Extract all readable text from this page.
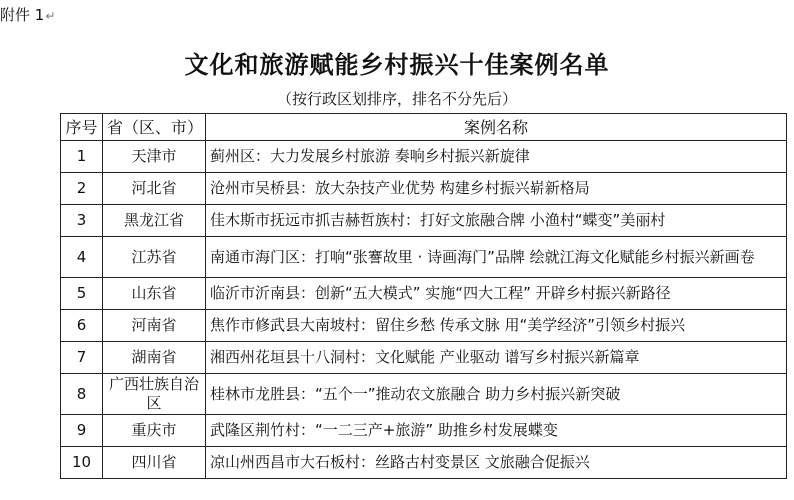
附件 1↵
文化和旅游赋能乡村振兴十佳案例名单
（按行政区划排序，排名不分先后）
序号	省（区、市）	案例名称
1	天津市	蓟州区：大力发展乡村旅游 奏响乡村振兴新旋律
2	河北省	沧州市吴桥县：放大杂技产业优势 构建乡村振兴崭新格局
3	黑龙江省	佳木斯市抚远市抓吉赫哲族村：打好文旅融合牌 小渔村“蝶变”美丽村
4	江苏省	南通市海门区：打响“张謇故里 · 诗画海门”品牌 绘就江海文化赋能乡村振兴新画卷
5	山东省	临沂市沂南县：创新“五大模式” 实施“四大工程” 开辟乡村振兴新路径
6	河南省	焦作市修武县大南坡村：留住乡愁 传承文脉 用“美学经济”引领乡村振兴
7	湖南省	湘西州花垣县十八洞村：文化赋能 产业驱动 谱写乡村振兴新篇章
8	广西壮族自治区	桂林市龙胜县：“五个一”推动农文旅融合 助力乡村振兴新突破
9	重庆市	武隆区荆竹村：“一二三产+旅游” 助推乡村发展蝶变
10	四川省	凉山州西昌市大石板村：丝路古村变景区 文旅融合促振兴
